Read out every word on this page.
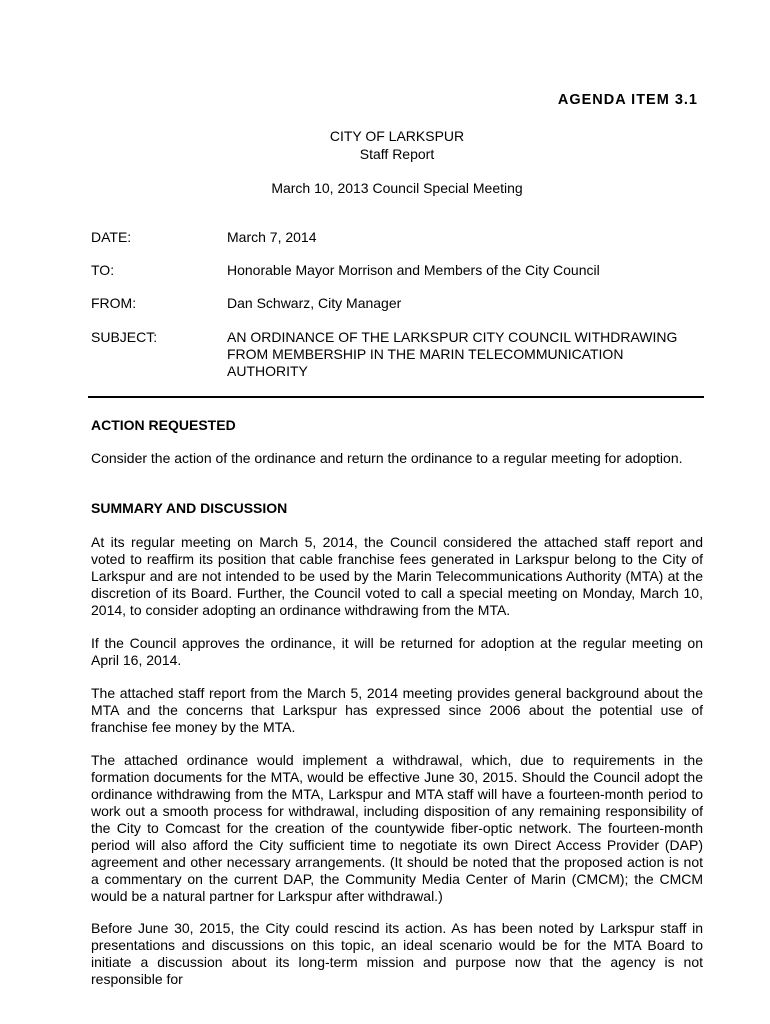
AGENDA ITEM 3.1
CITY OF LARKSPUR
Staff Report
March 10, 2013 Council Special Meeting
DATE:	March 7, 2014
TO:	Honorable Mayor Morrison and Members of the City Council
FROM:	Dan Schwarz, City Manager
SUBJECT:	AN ORDINANCE OF THE LARKSPUR CITY COUNCIL WITHDRAWING FROM MEMBERSHIP IN THE MARIN TELECOMMUNICATION AUTHORITY
ACTION REQUESTED
Consider the action of the ordinance and return the ordinance to a regular meeting for adoption.
SUMMARY AND DISCUSSION
At its regular meeting on March 5, 2014, the Council considered the attached staff report and voted to reaffirm its position that cable franchise fees generated in Larkspur belong to the City of Larkspur and are not intended to be used by the Marin Telecommunications Authority (MTA) at the discretion of its Board. Further, the Council voted to call a special meeting on Monday, March 10, 2014, to consider adopting an ordinance withdrawing from the MTA.
If the Council approves the ordinance, it will be returned for adoption at the regular meeting on April 16, 2014.
The attached staff report from the March 5, 2014 meeting provides general background about the MTA and the concerns that Larkspur has expressed since 2006 about the potential use of franchise fee money by the MTA.
The attached ordinance would implement a withdrawal, which, due to requirements in the formation documents for the MTA, would be effective June 30, 2015. Should the Council adopt the ordinance withdrawing from the MTA, Larkspur and MTA staff will have a fourteen-month period to work out a smooth process for withdrawal, including disposition of any remaining responsibility of the City to Comcast for the creation of the countywide fiber-optic network. The fourteen-month period will also afford the City sufficient time to negotiate its own Direct Access Provider (DAP) agreement and other necessary arrangements. (It should be noted that the proposed action is not a commentary on the current DAP, the Community Media Center of Marin (CMCM); the CMCM would be a natural partner for Larkspur after withdrawal.)
Before June 30, 2015, the City could rescind its action. As has been noted by Larkspur staff in presentations and discussions on this topic, an ideal scenario would be for the MTA Board to initiate a discussion about its long-term mission and purpose now that the agency is not responsible for
